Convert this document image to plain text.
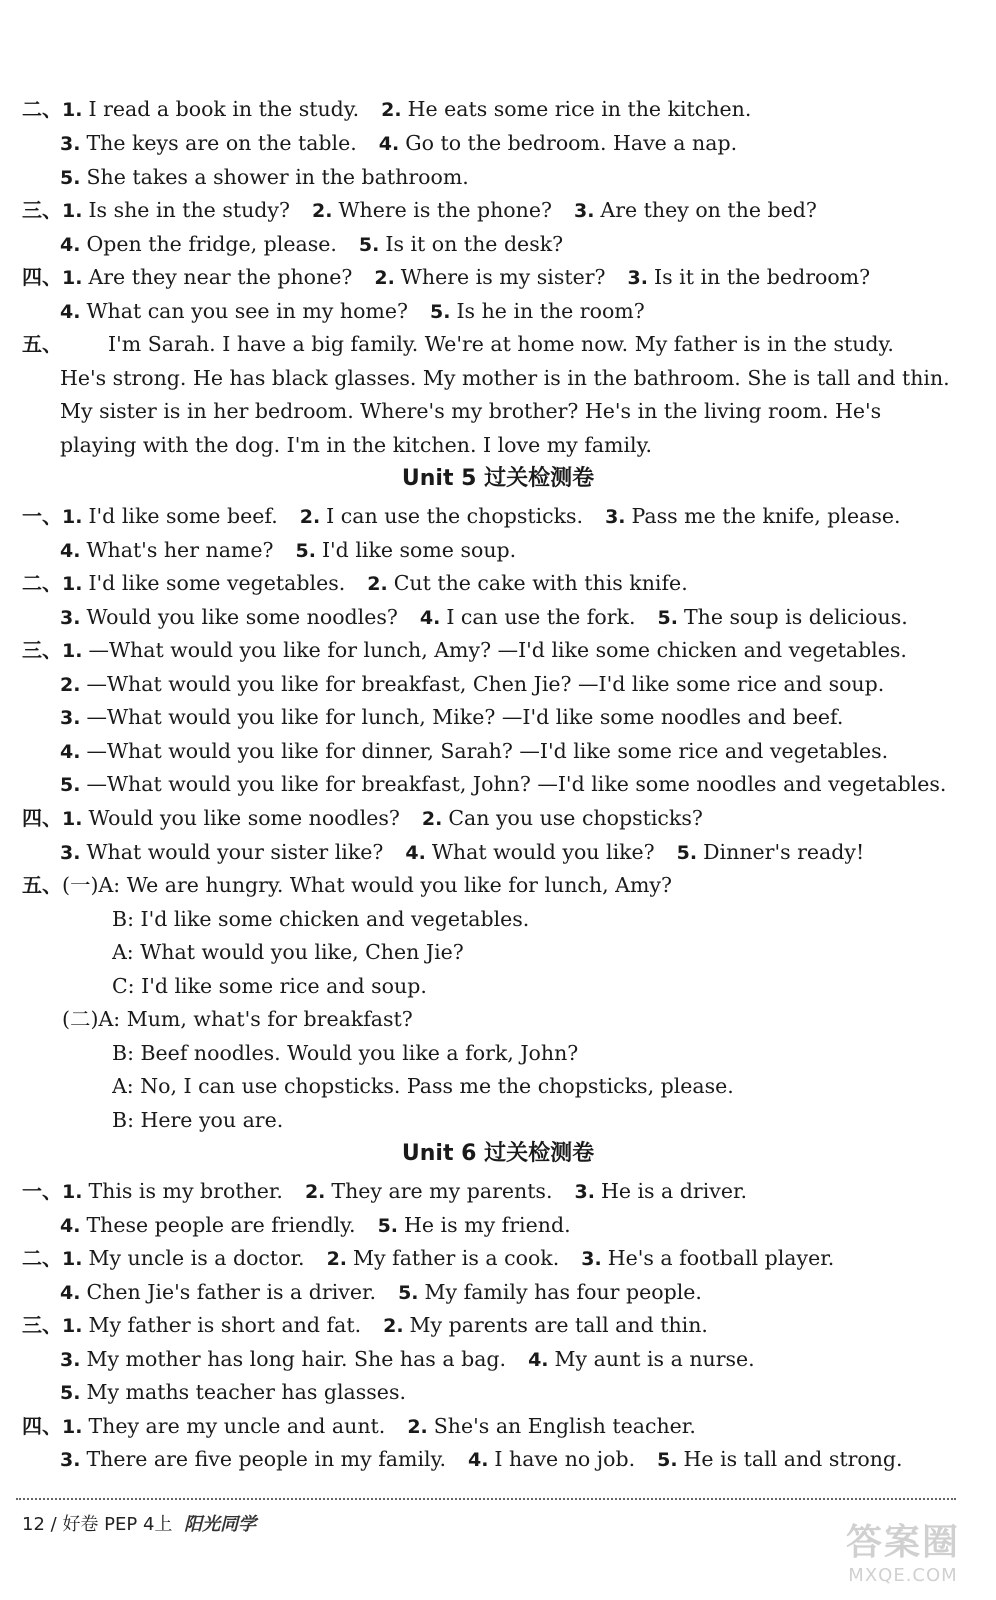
二、1. I read a book in the study. 2. He eats some rice in the kitchen.
3. The keys are on the table. 4. Go to the bedroom. Have a nap.
5. She takes a shower in the bathroom.
三、1. Is she in the study? 2. Where is the phone? 3. Are they on the bed?
4. Open the fridge, please. 5. Is it on the desk?
四、1. Are they near the phone? 2. Where is my sister? 3. Is it in the bedroom?
4. What can you see in my home? 5. Is he in the room?
五、 I'm Sarah. I have a big family. We're at home now. My father is in the study.
He's strong. He has black glasses. My mother is in the bathroom. She is tall and thin.
My sister is in her bedroom. Where's my brother? He's in the living room. He's
playing with the dog. I'm in the kitchen. I love my family.
Unit 5 过关检测卷
一、1. I'd like some beef. 2. I can use the chopsticks. 3. Pass me the knife, please.
4. What's her name? 5. I'd like some soup.
二、1. I'd like some vegetables. 2. Cut the cake with this knife.
3. Would you like some noodles? 4. I can use the fork. 5. The soup is delicious.
三、1. —What would you like for lunch, Amy? —I'd like some chicken and vegetables.
2. —What would you like for breakfast, Chen Jie? —I'd like some rice and soup.
3. —What would you like for lunch, Mike? —I'd like some noodles and beef.
4. —What would you like for dinner, Sarah? —I'd like some rice and vegetables.
5. —What would you like for breakfast, John? —I'd like some noodles and vegetables.
四、1. Would you like some noodles? 2. Can you use chopsticks?
3. What would your sister like? 4. What would you like? 5. Dinner's ready!
五、(一)A: We are hungry. What would you like for lunch, Amy?
B: I'd like some chicken and vegetables.
A: What would you like, Chen Jie?
C: I'd like some rice and soup.
(二)A: Mum, what's for breakfast?
B: Beef noodles. Would you like a fork, John?
A: No, I can use chopsticks. Pass me the chopsticks, please.
B: Here you are.
Unit 6 过关检测卷
一、1. This is my brother. 2. They are my parents. 3. He is a driver.
4. These people are friendly. 5. He is my friend.
二、1. My uncle is a doctor. 2. My father is a cook. 3. He's a football player.
4. Chen Jie's father is a driver. 5. My family has four people.
三、1. My father is short and fat. 2. My parents are tall and thin.
3. My mother has long hair. She has a bag. 4. My aunt is a nurse.
5. My maths teacher has glasses.
四、1. They are my uncle and aunt. 2. She's an English teacher.
3. There are five people in my family. 4. I have no job. 5. He is tall and strong.
12 / 好卷 PEP 4上 阳光同学	答案圈
MXQE.COM
